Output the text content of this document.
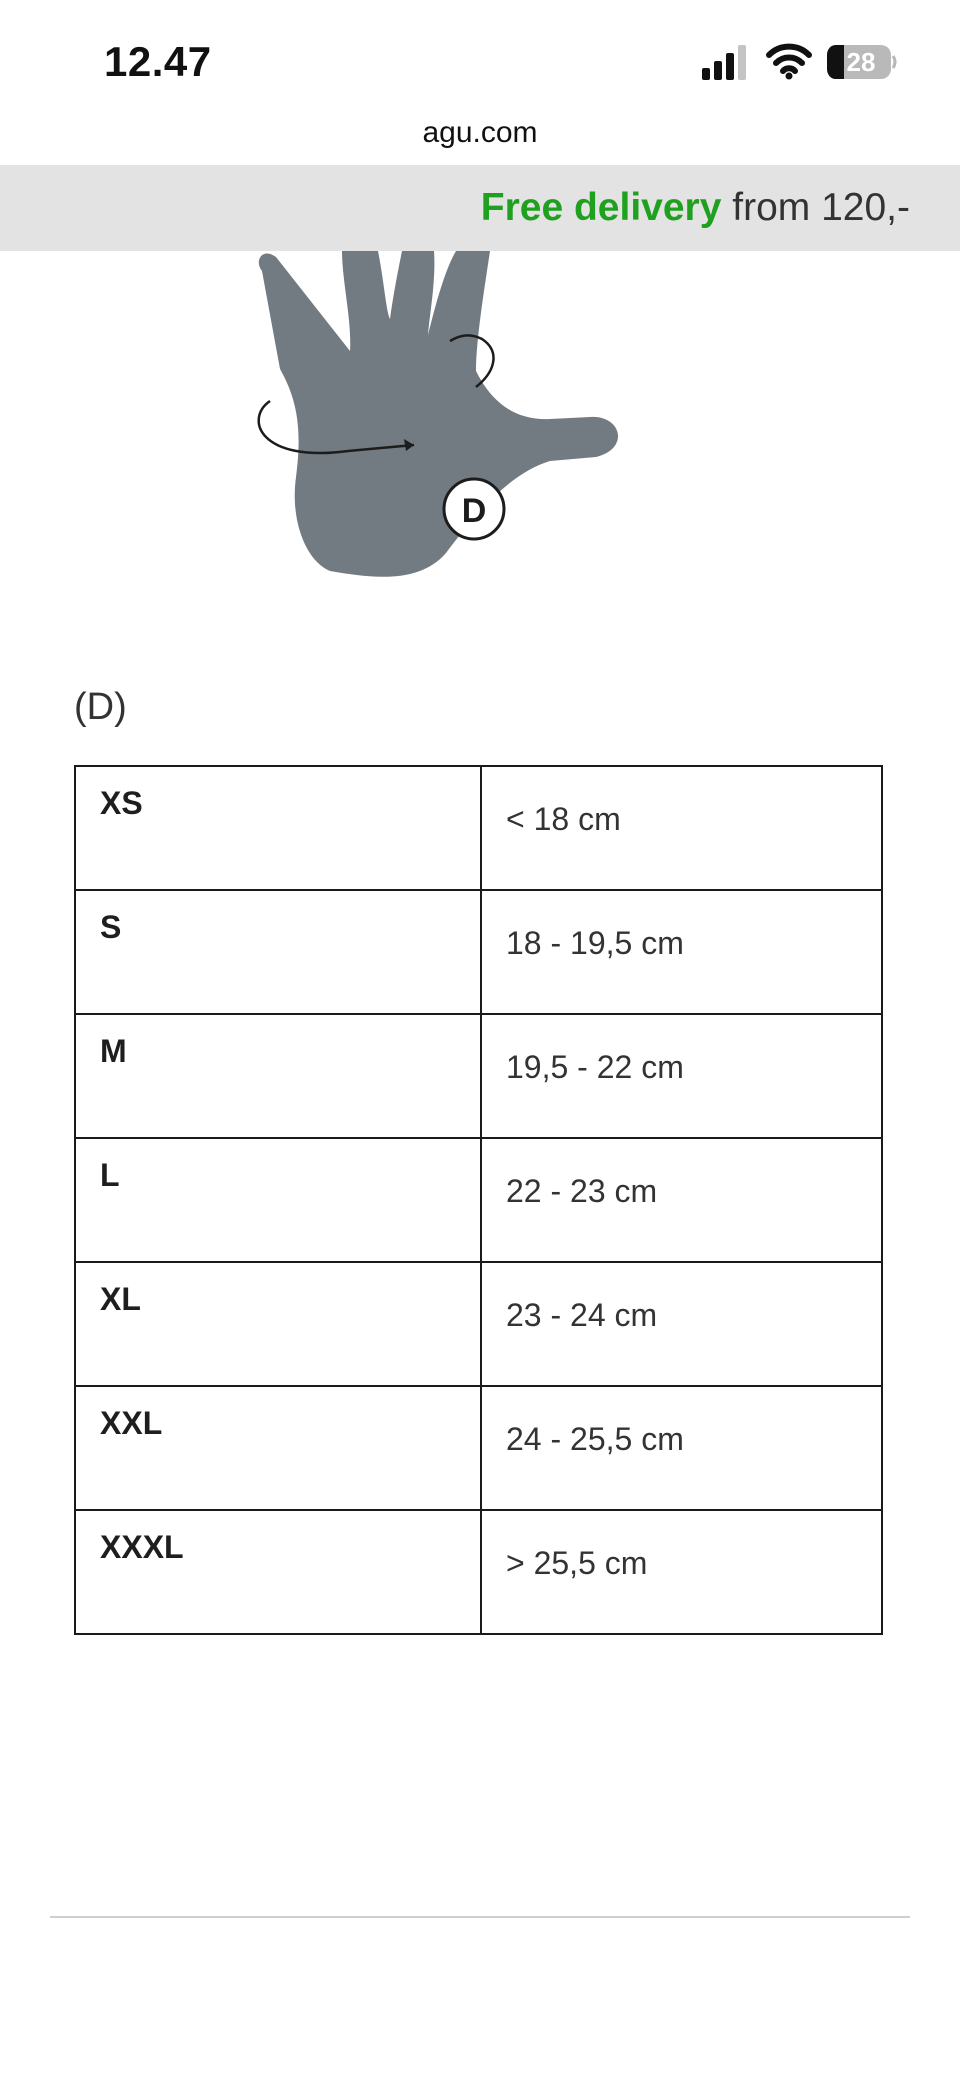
12.47	28
agu.com
Free delivery from 120,-
D
(D)
XS	< 18 cm

S	18 - 19,5 cm

M	19,5 - 22 cm

L	22 - 23 cm

XL	23 - 24 cm

XXL	24 - 25,5 cm

XXXL	> 25,5 cm
